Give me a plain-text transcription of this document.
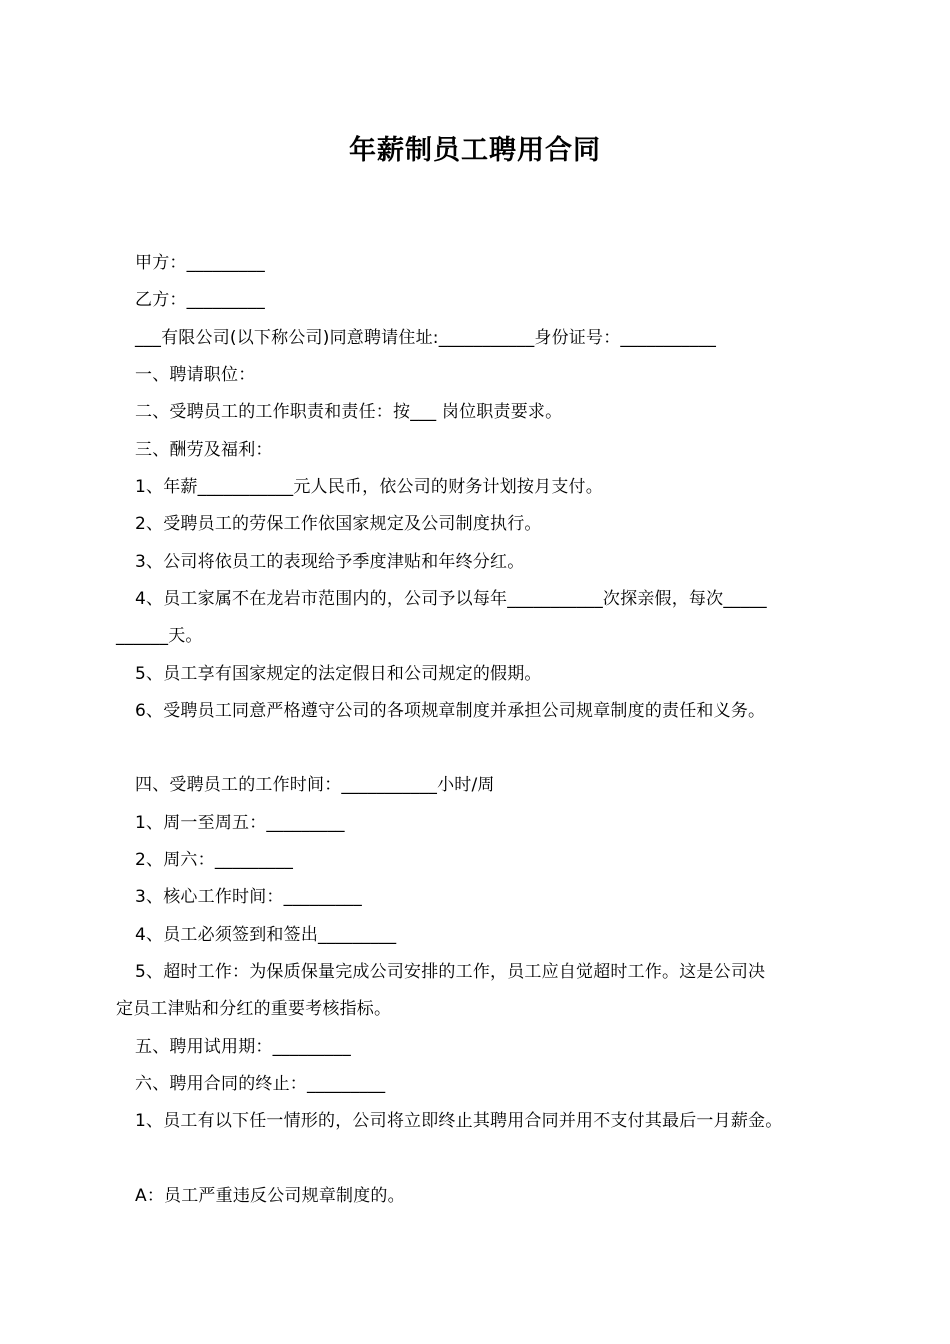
年薪制员工聘用合同
甲方：_________
乙方：_________
___有限公司(以下称公司)同意聘请住址:___________身份证号：___________
一、聘请职位：
二、受聘员工的工作职责和责任：按___ 岗位职责要求。
三、酬劳及福利：
1、年薪___________元人民币，依公司的财务计划按月支付。
2、受聘员工的劳保工作依国家规定及公司制度执行。
3、公司将依员工的表现给予季度津贴和年终分红。
4、员工家属不在龙岩市范围内的，公司予以每年___________次探亲假，每次_____
______天。
5、员工享有国家规定的法定假日和公司规定的假期。
6、受聘员工同意严格遵守公司的各项规章制度并承担公司规章制度的责任和义务。
四、受聘员工的工作时间：___________小时/周
1、周一至周五：_________
2、周六：_________
3、核心工作时间：_________
4、员工必须签到和签出_________
5、超时工作：为保质保量完成公司安排的工作，员工应自觉超时工作。这是公司决
定员工津贴和分红的重要考核指标。
五、聘用试用期：_________
六、聘用合同的终止：_________
1、员工有以下任一情形的，公司将立即终止其聘用合同并用不支付其最后一月薪金。
A：员工严重违反公司规章制度的。
